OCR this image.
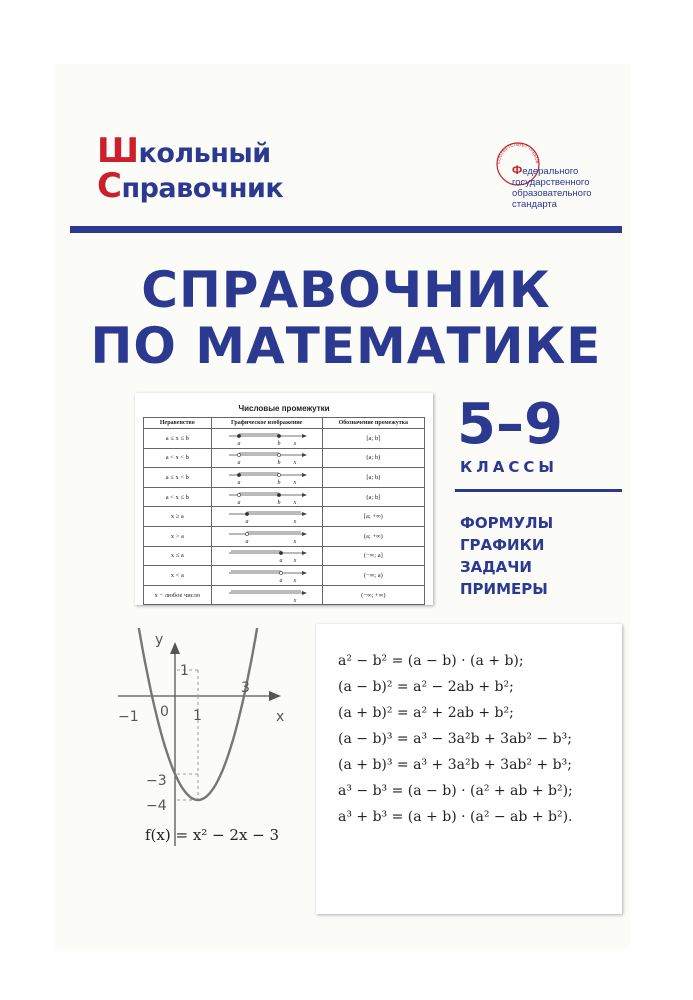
Школьный
Справочник
СООТВЕТСТВУЕТ ТРЕБОВ
Федерального
государственного
образовательного
стандарта
СПРАВОЧНИК
ПО МАТЕМАТИКЕ
Числовые промежутки
Неравенство	Графическое изображение	Обозначение промежутка
a ≤ x ≤ b	a b x	[a; b]
a < x < b	a b x	(a; b)
a ≤ x < b	a b x	[a; b)
a < x ≤ b	a b x	(a; b]
x ≥ a	a x	[a; +∞)
x > a	a x	(a; +∞)
x ≤ a	a x	(−∞; a]
x < a	a x	(−∞; a)
x − любое число	x	(−∞; +∞)
5–9
КЛАССЫ
ФОРМУЛЫ
ГРАФИКИ
ЗАДАЧИ
ПРИМЕРЫ
y
x
−1 0 1
3
1
−3
−4
f(x) = x² − 2x − 3
a² − b² = (a − b) · (a + b);
(a − b)² = a² − 2ab + b²;
(a + b)² = a² + 2ab + b²;
(a − b)³ = a³ − 3a²b + 3ab² − b³;
(a + b)³ = a³ + 3a²b + 3ab² + b³;
a³ − b³ = (a − b) · (a² + ab + b²);
a³ + b³ = (a + b) · (a² − ab + b²).
